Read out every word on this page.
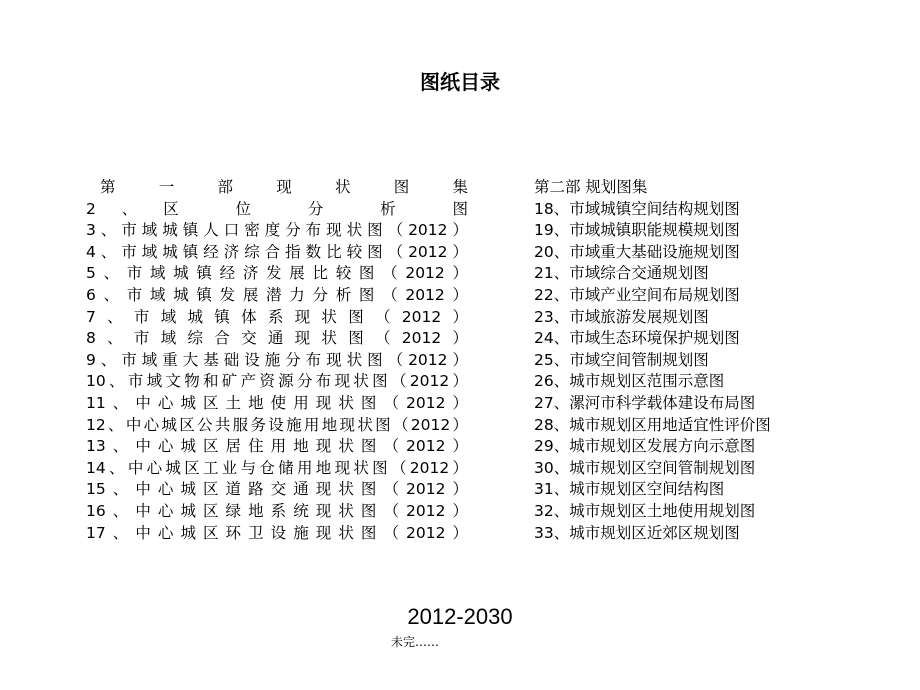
图纸目录
第　一　部　现　状　图　集
2、区 位 分 析 图
3、市域城镇人口密度分布现状图（2012）
4、市域城镇经济综合指数比较图（2012）
5、市域城镇经济发展比较图（2012）
6、市域城镇发展潜力分析图（2012）
7、市域城镇体系现状图（2012）
8、市域综合交通现状图（2012）
9、市域重大基础设施分布现状图（2012）
10、市域文物和矿产资源分布现状图（2012）
11、中心城区土地使用现状图（2012）
12、中心城区公共服务设施用地现状图（2012）
13、中心城区居住用地现状图（2012）
14、中心城区工业与仓储用地现状图（2012）
15、中心城区道路交通现状图（2012）
16、中心城区绿地系统现状图（2012）
17、中心城区环卫设施现状图（2012）
第二部 规划图集
18、市域城镇空间结构规划图
19、市域城镇职能规模规划图
20、市域重大基础设施规划图
21、市域综合交通规划图
22、市域产业空间布局规划图
23、市域旅游发展规划图
24、市域生态环境保护规划图
25、市域空间管制规划图
26、城市规划区范围示意图
27、漯河市科学载体建设布局图
28、城市规划区用地适宜性评价图
29、城市规划区发展方向示意图
30、城市规划区空间管制规划图
31、城市规划区空间结构图
32、城市规划区土地使用规划图
33、城市规划区近郊区规划图
2012-2030
未完……
